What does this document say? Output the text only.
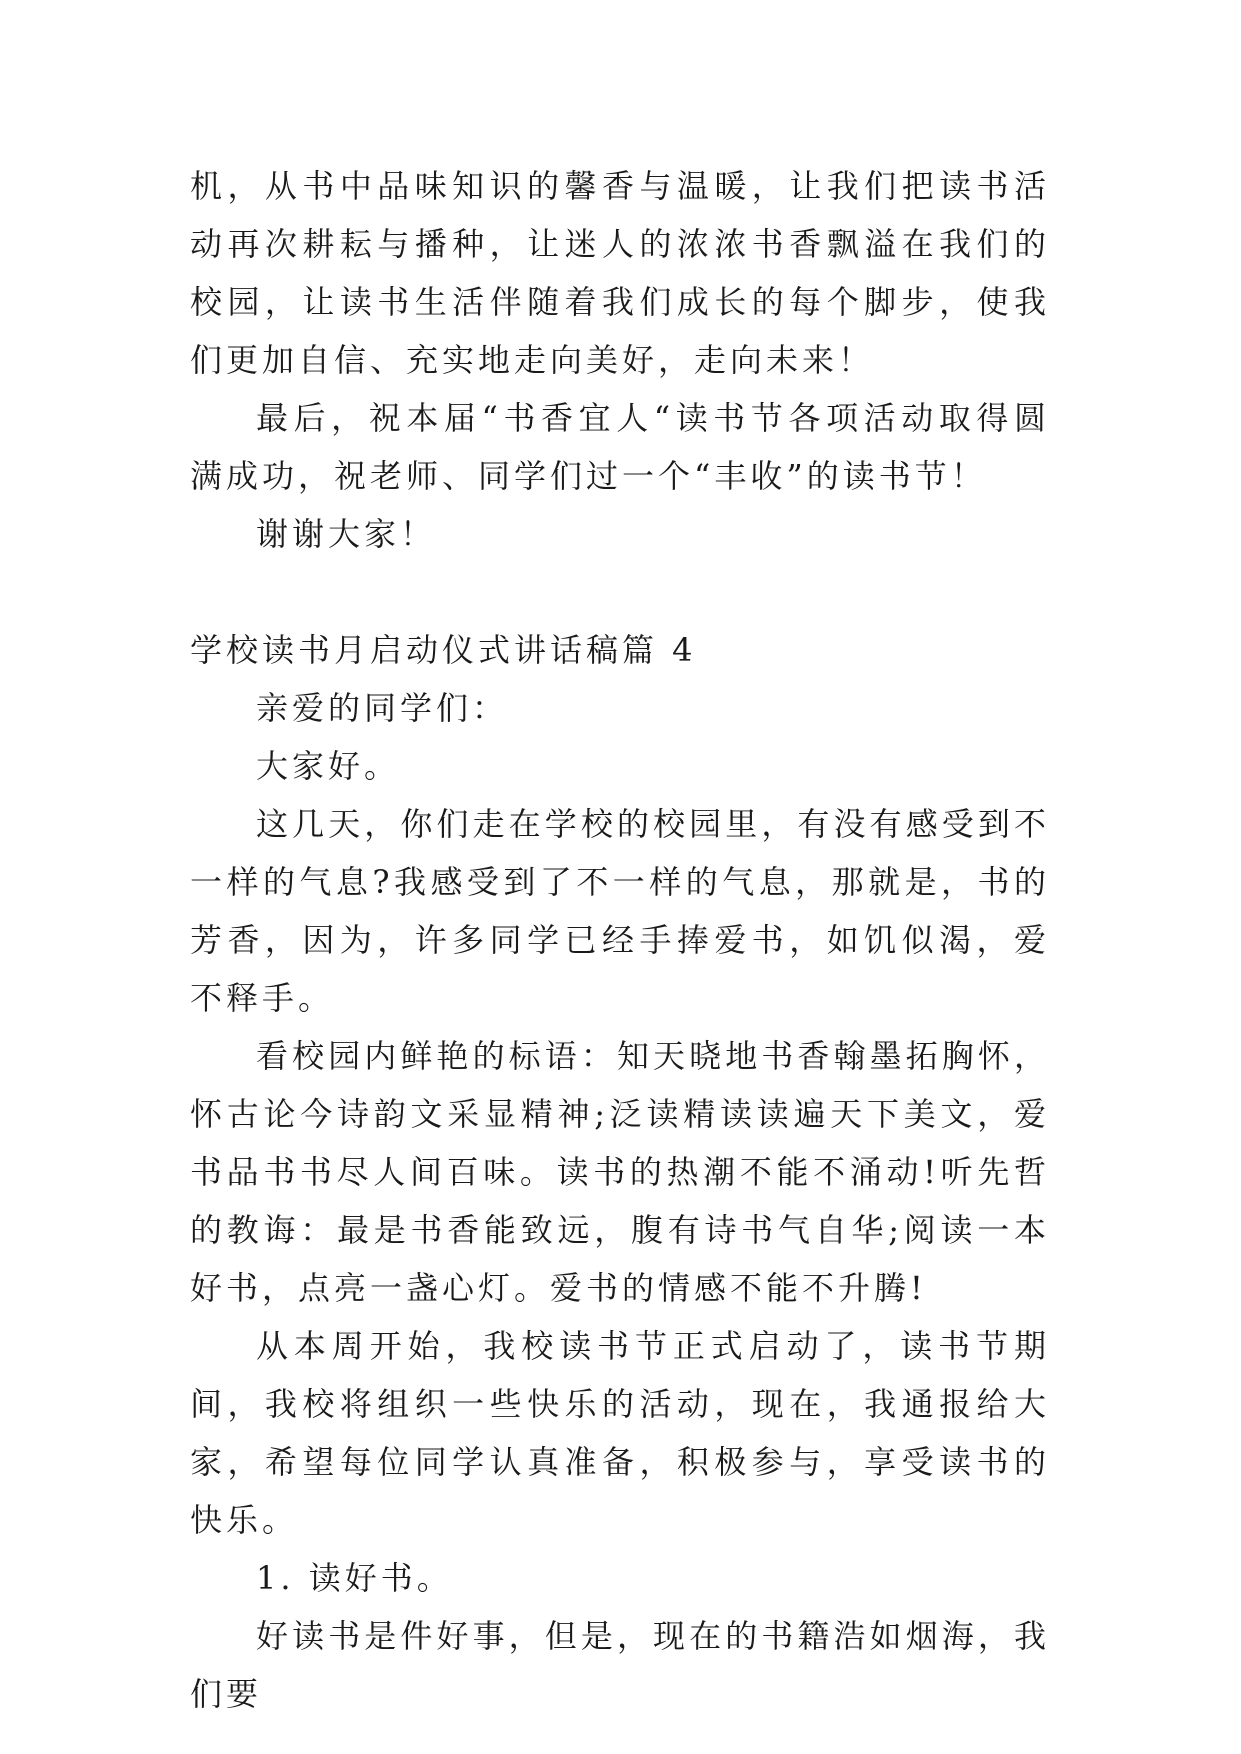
机，从书中品味知识的馨香与温暖，让我们把读书活动再次耕耘与播种，让迷人的浓浓书香飘溢在我们的校园，让读书生活伴随着我们成长的每个脚步，使我们更加自信、充实地走向美好，走向未来！

最后，祝本届“书香宜人“读书节各项活动取得圆满成功，祝老师、同学们过一个“丰收”的读书节！

谢谢大家！

学校读书月启动仪式讲话稿篇 4

亲爱的同学们：

大家好。

这几天，你们走在学校的校园里，有没有感受到不一样的气息?我感受到了不一样的气息，那就是，书的芳香，因为，许多同学已经手捧爱书，如饥似渴，爱不释手。

看校园内鲜艳的标语：知天晓地书香翰墨拓胸怀，怀古论今诗韵文采显精神;泛读精读读遍天下美文，爱书品书书尽人间百味。读书的热潮不能不涌动!听先哲的教诲：最是书香能致远，腹有诗书气自华;阅读一本好书，点亮一盏心灯。爱书的情感不能不升腾!

从本周开始，我校读书节正式启动了，读书节期间，我校将组织一些快乐的活动，现在，我通报给大家，希望每位同学认真准备，积极参与，享受读书的快乐。

1. 读好书。

好读书是件好事，但是，现在的书籍浩如烟海，我们要
